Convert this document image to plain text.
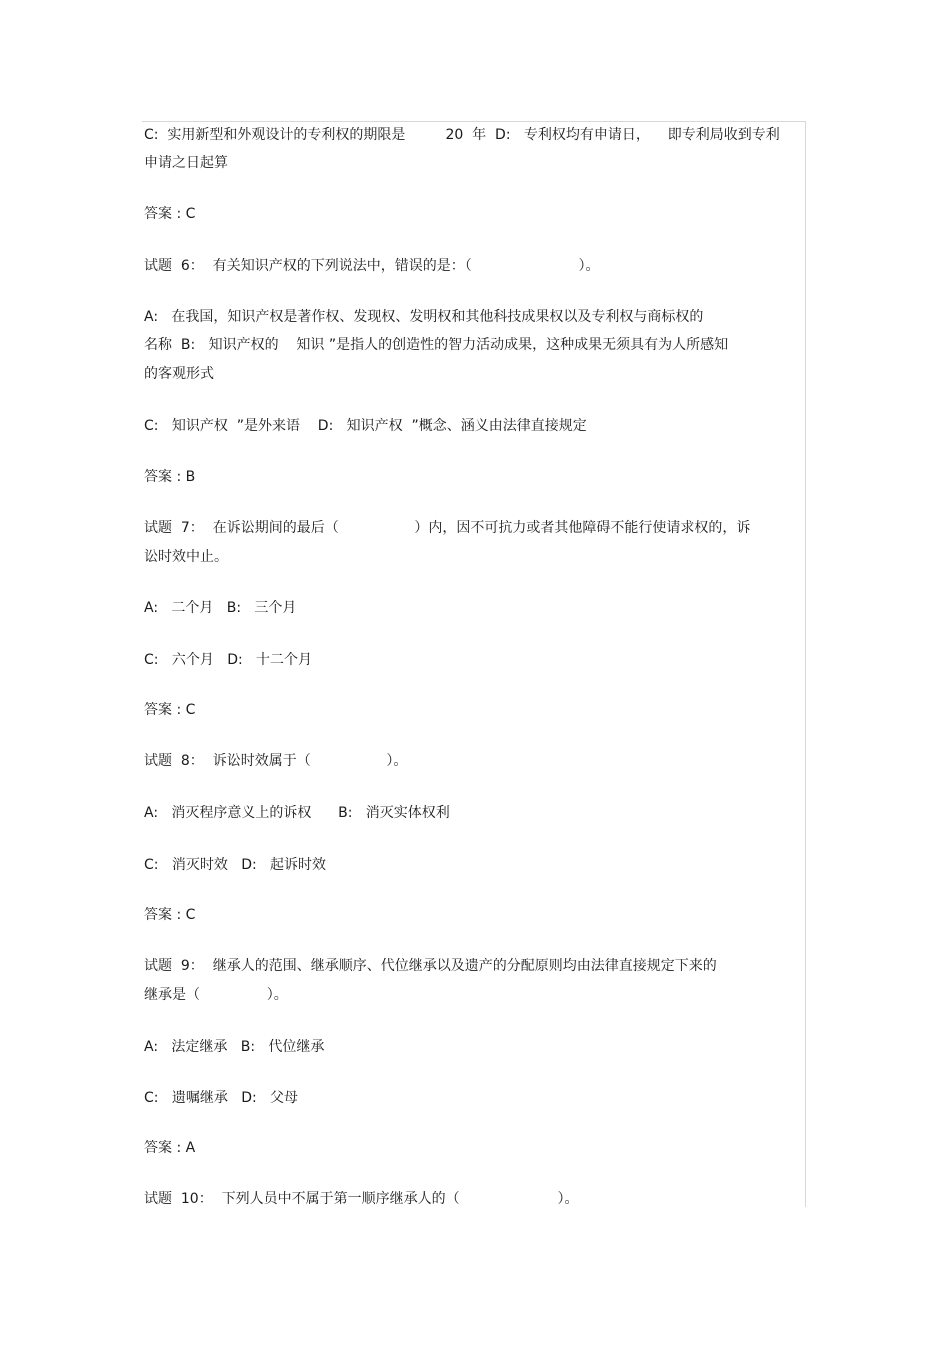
C:  实用新型和外观设计的专利权的期限是         20  年  D:   专利权均有申请日，    即专利局收到专利
申请之日起算
答案 : C
试题  6：  有关知识产权的下列说法中，错误的是：（                        ）。
A:   在我国，知识产权是著作权、发现权、发明权和其他科技成果权以及专利权与商标权的
名称  B:   知识产权的    知识 ”是指人的创造性的智力活动成果，这种成果无须具有为人所感知
的客观形式
C:   知识产权  ”是外来语    D:   知识产权  ”概念、涵义由法律直接规定
答案 : B
试题  7：  在诉讼期间的最后（                 ）内，因不可抗力或者其他障碍不能行使请求权的，诉
讼时效中止。
A:   二个月   B:   三个月
C:   六个月   D:   十二个月
答案 : C
试题  8：  诉讼时效属于（                 ）。
A:   消灭程序意义上的诉权      B:   消灭实体权利
C:   消灭时效   D:   起诉时效
答案 : C
试题  9：  继承人的范围、继承顺序、代位继承以及遗产的分配原则均由法律直接规定下来的
继承是（               ）。
A:   法定继承   B:   代位继承
C:   遗嘱继承   D:   父母
答案 : A
试题  10：  下列人员中不属于第一顺序继承人的（                      ）。
